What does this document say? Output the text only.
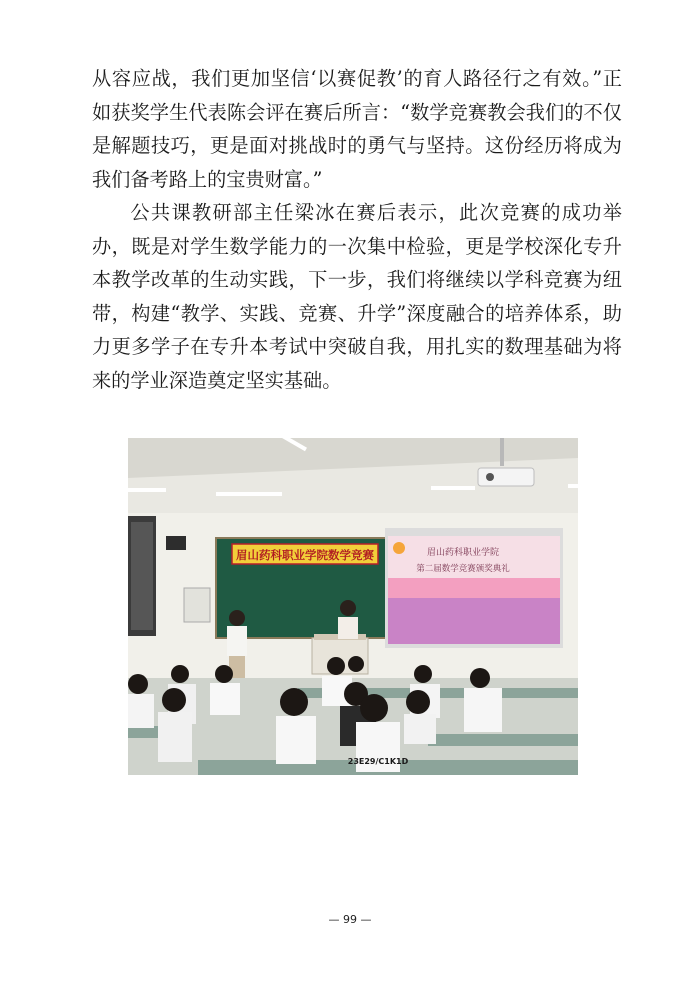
从容应战，我们更加坚信‘以赛促教’的育人路径行之有效。”正如获奖学生代表陈会评在赛后所言：“数学竞赛教会我们的不仅是解题技巧，更是面对挑战时的勇气与坚持。这份经历将成为我们备考路上的宝贵财富。”

公共课教研部主任梁冰在赛后表示，此次竞赛的成功举办，既是对学生数学能力的一次集中检验，更是学校深化专升本教学改革的生动实践，下一步，我们将继续以学科竞赛为纽带，构建“教学、实践、竞赛、升学”深度融合的培养体系，助力更多学子在专升本考试中突破自我，用扎实的数理基础为将来的学业深造奠定坚实基础。

眉山药科职业学院数学竞赛	眉山药科职业学院
第二届数学竞赛颁奖典礼
23E29/C1K1D
— 99 —
